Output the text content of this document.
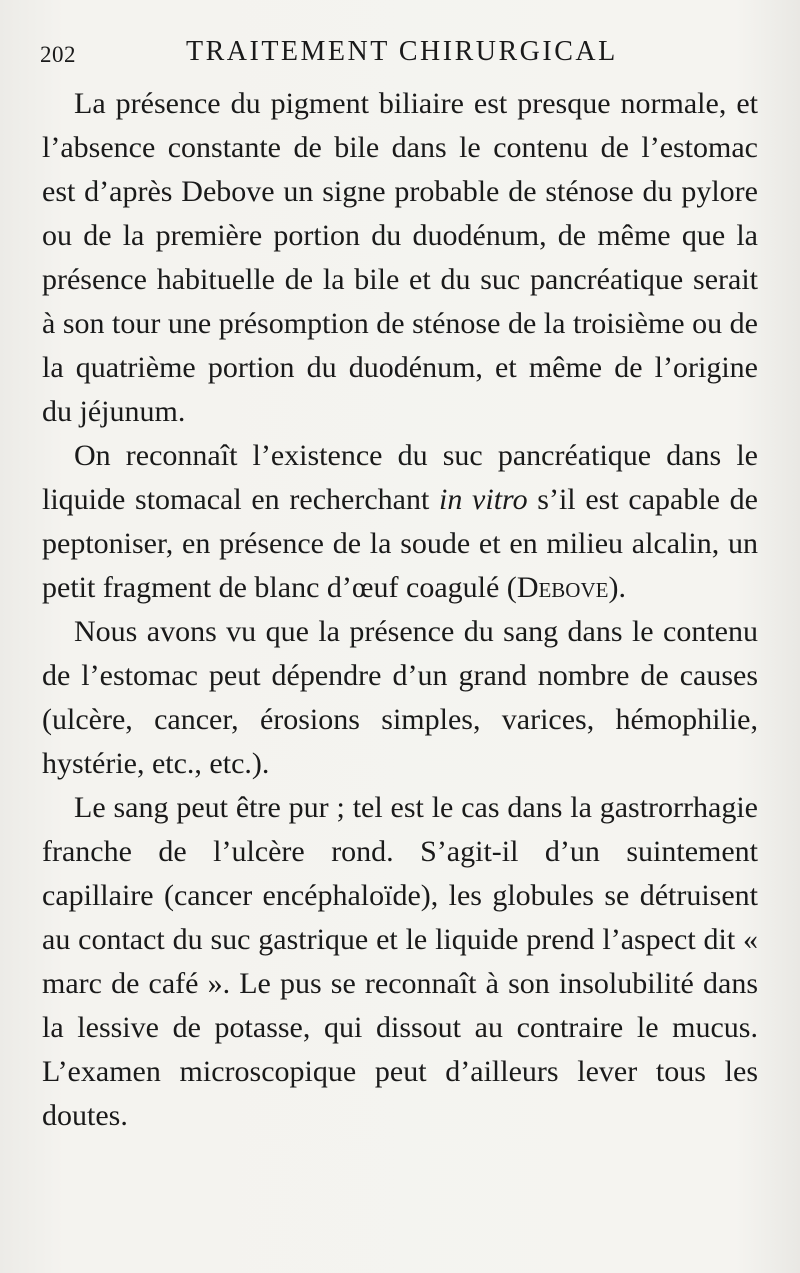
202	TRAITEMENT CHIRURGICAL

La présence du pigment biliaire est presque normale, et l’absence constante de bile dans le contenu de l’estomac est d’après Debove un signe probable de sténose du pylore ou de la première portion du duodénum, de même que la présence habituelle de la bile et du suc pancréatique serait à son tour une présomption de sténose de la troisième ou de la quatrième portion du duodénum, et même de l’origine du jéjunum.

On reconnaît l’existence du suc pancréatique dans le liquide stomacal en recherchant in vitro s’il est capable de peptoniser, en présence de la soude et en milieu alcalin, un petit fragment de blanc d’œuf coagulé (Debove).

Nous avons vu que la présence du sang dans le contenu de l’estomac peut dépendre d’un grand nombre de causes (ulcère, cancer, érosions simples, varices, hémophilie, hystérie, etc., etc.).

Le sang peut être pur ; tel est le cas dans la gastrorrhagie franche de l’ulcère rond. S’agit-il d’un suintement capillaire (cancer encéphaloïde), les globules se détruisent au contact du suc gastrique et le liquide prend l’aspect dit « marc de café ». Le pus se reconnaît à son insolubilité dans la lessive de potasse, qui dissout au contraire le mucus. L’examen microscopique peut d’ailleurs lever tous les doutes.
